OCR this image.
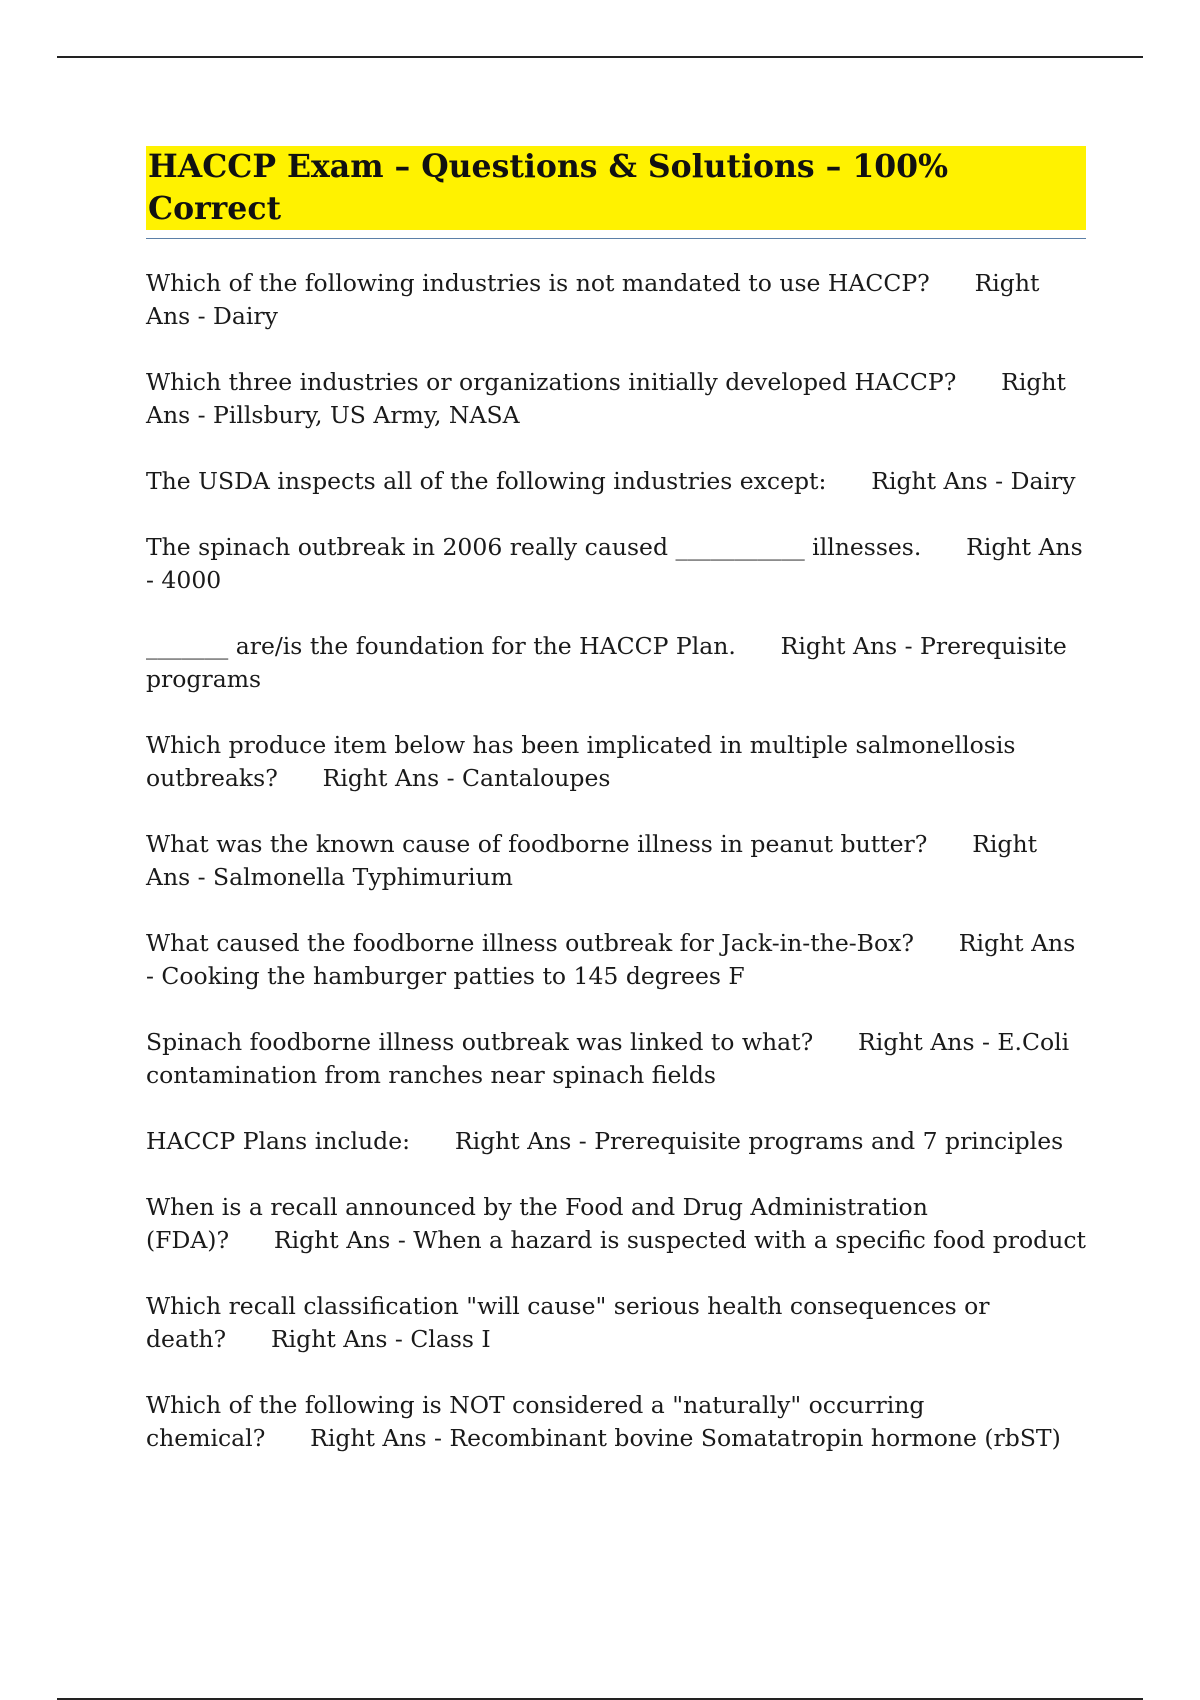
HACCP Exam – Questions & Solutions – 100% Correct

Which of the following industries is not mandated to use HACCP? Right Ans - Dairy

Which three industries or organizations initially developed HACCP? Right Ans - Pillsbury, US Army, NASA

The USDA inspects all of the following industries except: Right Ans - Dairy

The spinach outbreak in 2006 really caused ___________ illnesses. Right Ans - 4000

_______ are/is the foundation for the HACCP Plan. Right Ans - Prerequisite programs

Which produce item below has been implicated in multiple salmonellosis outbreaks? Right Ans - Cantaloupes

What was the known cause of foodborne illness in peanut butter? Right Ans - Salmonella Typhimurium

What caused the foodborne illness outbreak for Jack-in-the-Box? Right Ans - Cooking the hamburger patties to 145 degrees F

Spinach foodborne illness outbreak was linked to what? Right Ans - E.Coli contamination from ranches near spinach fields

HACCP Plans include: Right Ans - Prerequisite programs and 7 principles

When is a recall announced by the Food and Drug Administration (FDA)? Right Ans - When a hazard is suspected with a specific food product

Which recall classification "will cause" serious health consequences or death? Right Ans - Class I

Which of the following is NOT considered a "naturally" occurring chemical? Right Ans - Recombinant bovine Somatatropin hormone (rbST)
